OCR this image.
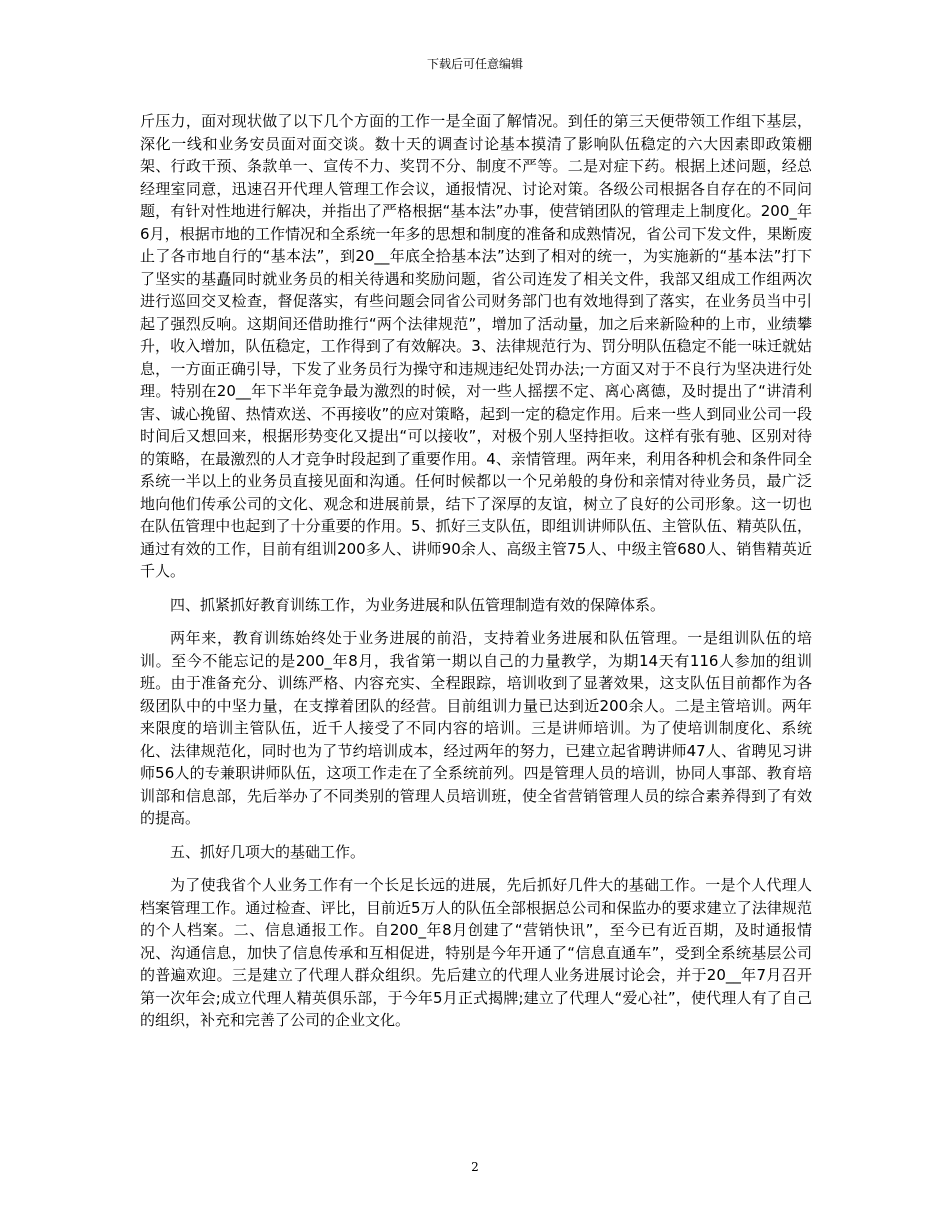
下载后可任意编辑

斤压力，面对现状做了以下几个方面的工作一是全面了解情况。到任的第三天便带领工作组下基层，深化一线和业务安员面对面交谈。数十天的调查讨论基本摸清了影响队伍稳定的六大因素即政策棚架、行政干预、条款单一、宣传不力、奖罚不分、制度不严等。二是对症下药。根据上述问题，经总经理室同意，迅速召开代理人管理工作会议，通报情况、讨论对策。各级公司根据各自存在的不同问题，有针对性地进行解决，并指出了严格根据“基本法”办事，使营销团队的管理走上制度化。200_年6月，根据市地的工作情况和全系统一年多的思想和制度的准备和成熟情况，省公司下发文件，果断废止了各市地自行的“基本法”，到20__年底全拾基本法”达到了相对的统一，为实施新的“基本法”打下了坚实的基矗同时就业务员的相关待遇和奖励问题，省公司连发了相关文件，我部又组成工作组两次进行巡回交叉检查，督促落实，有些问题会同省公司财务部门也有效地得到了落实，在业务员当中引起了强烈反响。这期间还借助推行“两个法律规范”，增加了活动量，加之后来新险种的上市，业绩攀升，收入增加，队伍稳定，工作得到了有效解决。3、法律规范行为、罚分明队伍稳定不能一味迁就姑息，一方面正确引导，下发了业务员行为操守和违规违纪处罚办法;一方面又对于不良行为坚决进行处理。特别在20__年下半年竞争最为激烈的时候，对一些人摇摆不定、离心离德，及时提出了“讲清利害、诚心挽留、热情欢送、不再接收”的应对策略，起到一定的稳定作用。后来一些人到同业公司一段时间后又想回来，根据形势变化又提出“可以接收”，对极个别人坚持拒收。这样有张有驰、区别对待的策略，在最激烈的人才竞争时段起到了重要作用。4、亲情管理。两年来，利用各种机会和条件同全系统一半以上的业务员直接见面和沟通。任何时候都以一个兄弟般的身份和亲情对待业务员，最广泛地向他们传承公司的文化、观念和进展前景，结下了深厚的友谊，树立了良好的公司形象。这一切也在队伍管理中也起到了十分重要的作用。5、抓好三支队伍，即组训讲师队伍、主管队伍、精英队伍，通过有效的工作，目前有组训200多人、讲师90余人、高级主管75人、中级主管680人、销售精英近千人。

四、抓紧抓好教育训练工作，为业务进展和队伍管理制造有效的保障体系。

两年来，教育训练始终处于业务进展的前沿，支持着业务进展和队伍管理。一是组训队伍的培训。至今不能忘记的是200_年8月，我省第一期以自己的力量教学，为期14天有116人参加的组训班。由于准备充分、训练严格、内容充实、全程跟踪，培训收到了显著效果，这支队伍目前都作为各级团队中的中坚力量，在支撑着团队的经营。目前组训力量已达到近200余人。二是主管培训。两年来限度的培训主管队伍，近千人接受了不同内容的培训。三是讲师培训。为了使培训制度化、系统化、法律规范化，同时也为了节约培训成本，经过两年的努力，已建立起省聘讲师47人、省聘见习讲师56人的专兼职讲师队伍，这项工作走在了全系统前列。四是管理人员的培训，协同人事部、教育培训部和信息部，先后举办了不同类别的管理人员培训班，使全省营销管理人员的综合素养得到了有效的提高。

五、抓好几项大的基础工作。

为了使我省个人业务工作有一个长足长远的进展，先后抓好几件大的基础工作。一是个人代理人档案管理工作。通过检查、评比，目前近5万人的队伍全部根据总公司和保监办的要求建立了法律规范的个人档案。二、信息通报工作。自200_年8月创建了“营销快讯”，至今已有近百期，及时通报情况、沟通信息，加快了信息传承和互相促进，特别是今年开通了“信息直通车”，受到全系统基层公司的普遍欢迎。三是建立了代理人群众组织。先后建立的代理人业务进展讨论会，并于20__年7月召开第一次年会;成立代理人精英俱乐部，于今年5月正式揭牌;建立了代理人“爱心社”，使代理人有了自己的组织，补充和完善了公司的企业文化。

2
